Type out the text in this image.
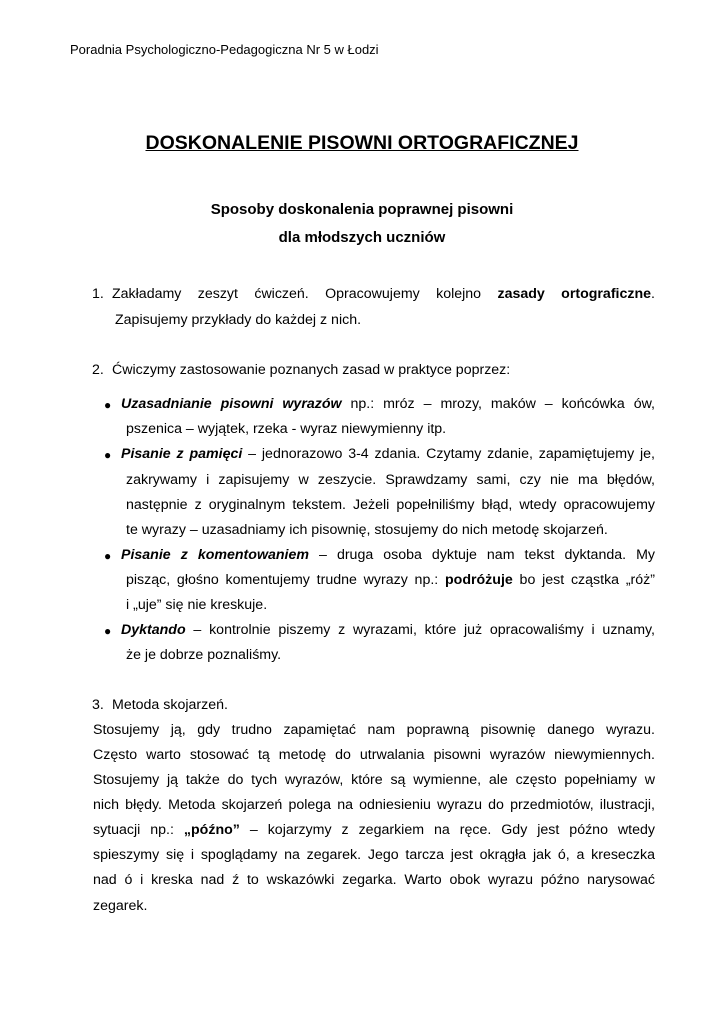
Poradnia Psychologiczno-Pedagogiczna Nr 5 w Łodzi
DOSKONALENIE PISOWNI ORTOGRAFICZNEJ
Sposoby doskonalenia poprawnej pisowni
dla młodszych uczniów
1. Zakładamy zeszyt ćwiczeń. Opracowujemy kolejno zasady ortograficzne.
Zapisujemy przykłady do każdej z nich.
2. Ćwiczymy zastosowanie poznanych zasad w praktyce poprzez:
● Uzasadnianie pisowni wyrazów np.: mróz – mrozy, maków – końcówka ów,
pszenica – wyjątek, rzeka - wyraz niewymienny itp.
● Pisanie z pamięci – jednorazowo 3-4 zdania. Czytamy zdanie, zapamiętujemy je,
zakrywamy i zapisujemy w zeszycie. Sprawdzamy sami, czy nie ma błędów,
następnie z oryginalnym tekstem. Jeżeli popełniliśmy błąd, wtedy opracowujemy
te wyrazy – uzasadniamy ich pisownię, stosujemy do nich metodę skojarzeń.
● Pisanie z komentowaniem – druga osoba dyktuje nam tekst dyktanda. My
pisząc, głośno komentujemy trudne wyrazy np.: podróżuje bo jest cząstka „róż”
i „uje” się nie kreskuje.
● Dyktando – kontrolnie piszemy z wyrazami, które już opracowaliśmy i uznamy,
że je dobrze poznaliśmy.
3. Metoda skojarzeń.
Stosujemy ją, gdy trudno zapamiętać nam poprawną pisownię danego wyrazu.
Często warto stosować tą metodę do utrwalania pisowni wyrazów niewymiennych.
Stosujemy ją także do tych wyrazów, które są wymienne, ale często popełniamy w
nich błędy. Metoda skojarzeń polega na odniesieniu wyrazu do przedmiotów, ilustracji,
sytuacji np.: „późno” – kojarzymy z zegarkiem na ręce. Gdy jest późno wtedy
spieszymy się i spoglądamy na zegarek. Jego tarcza jest okrągła jak ó, a kreseczka
nad ó i kreska nad ź to wskazówki zegarka. Warto obok wyrazu późno narysować
zegarek.
